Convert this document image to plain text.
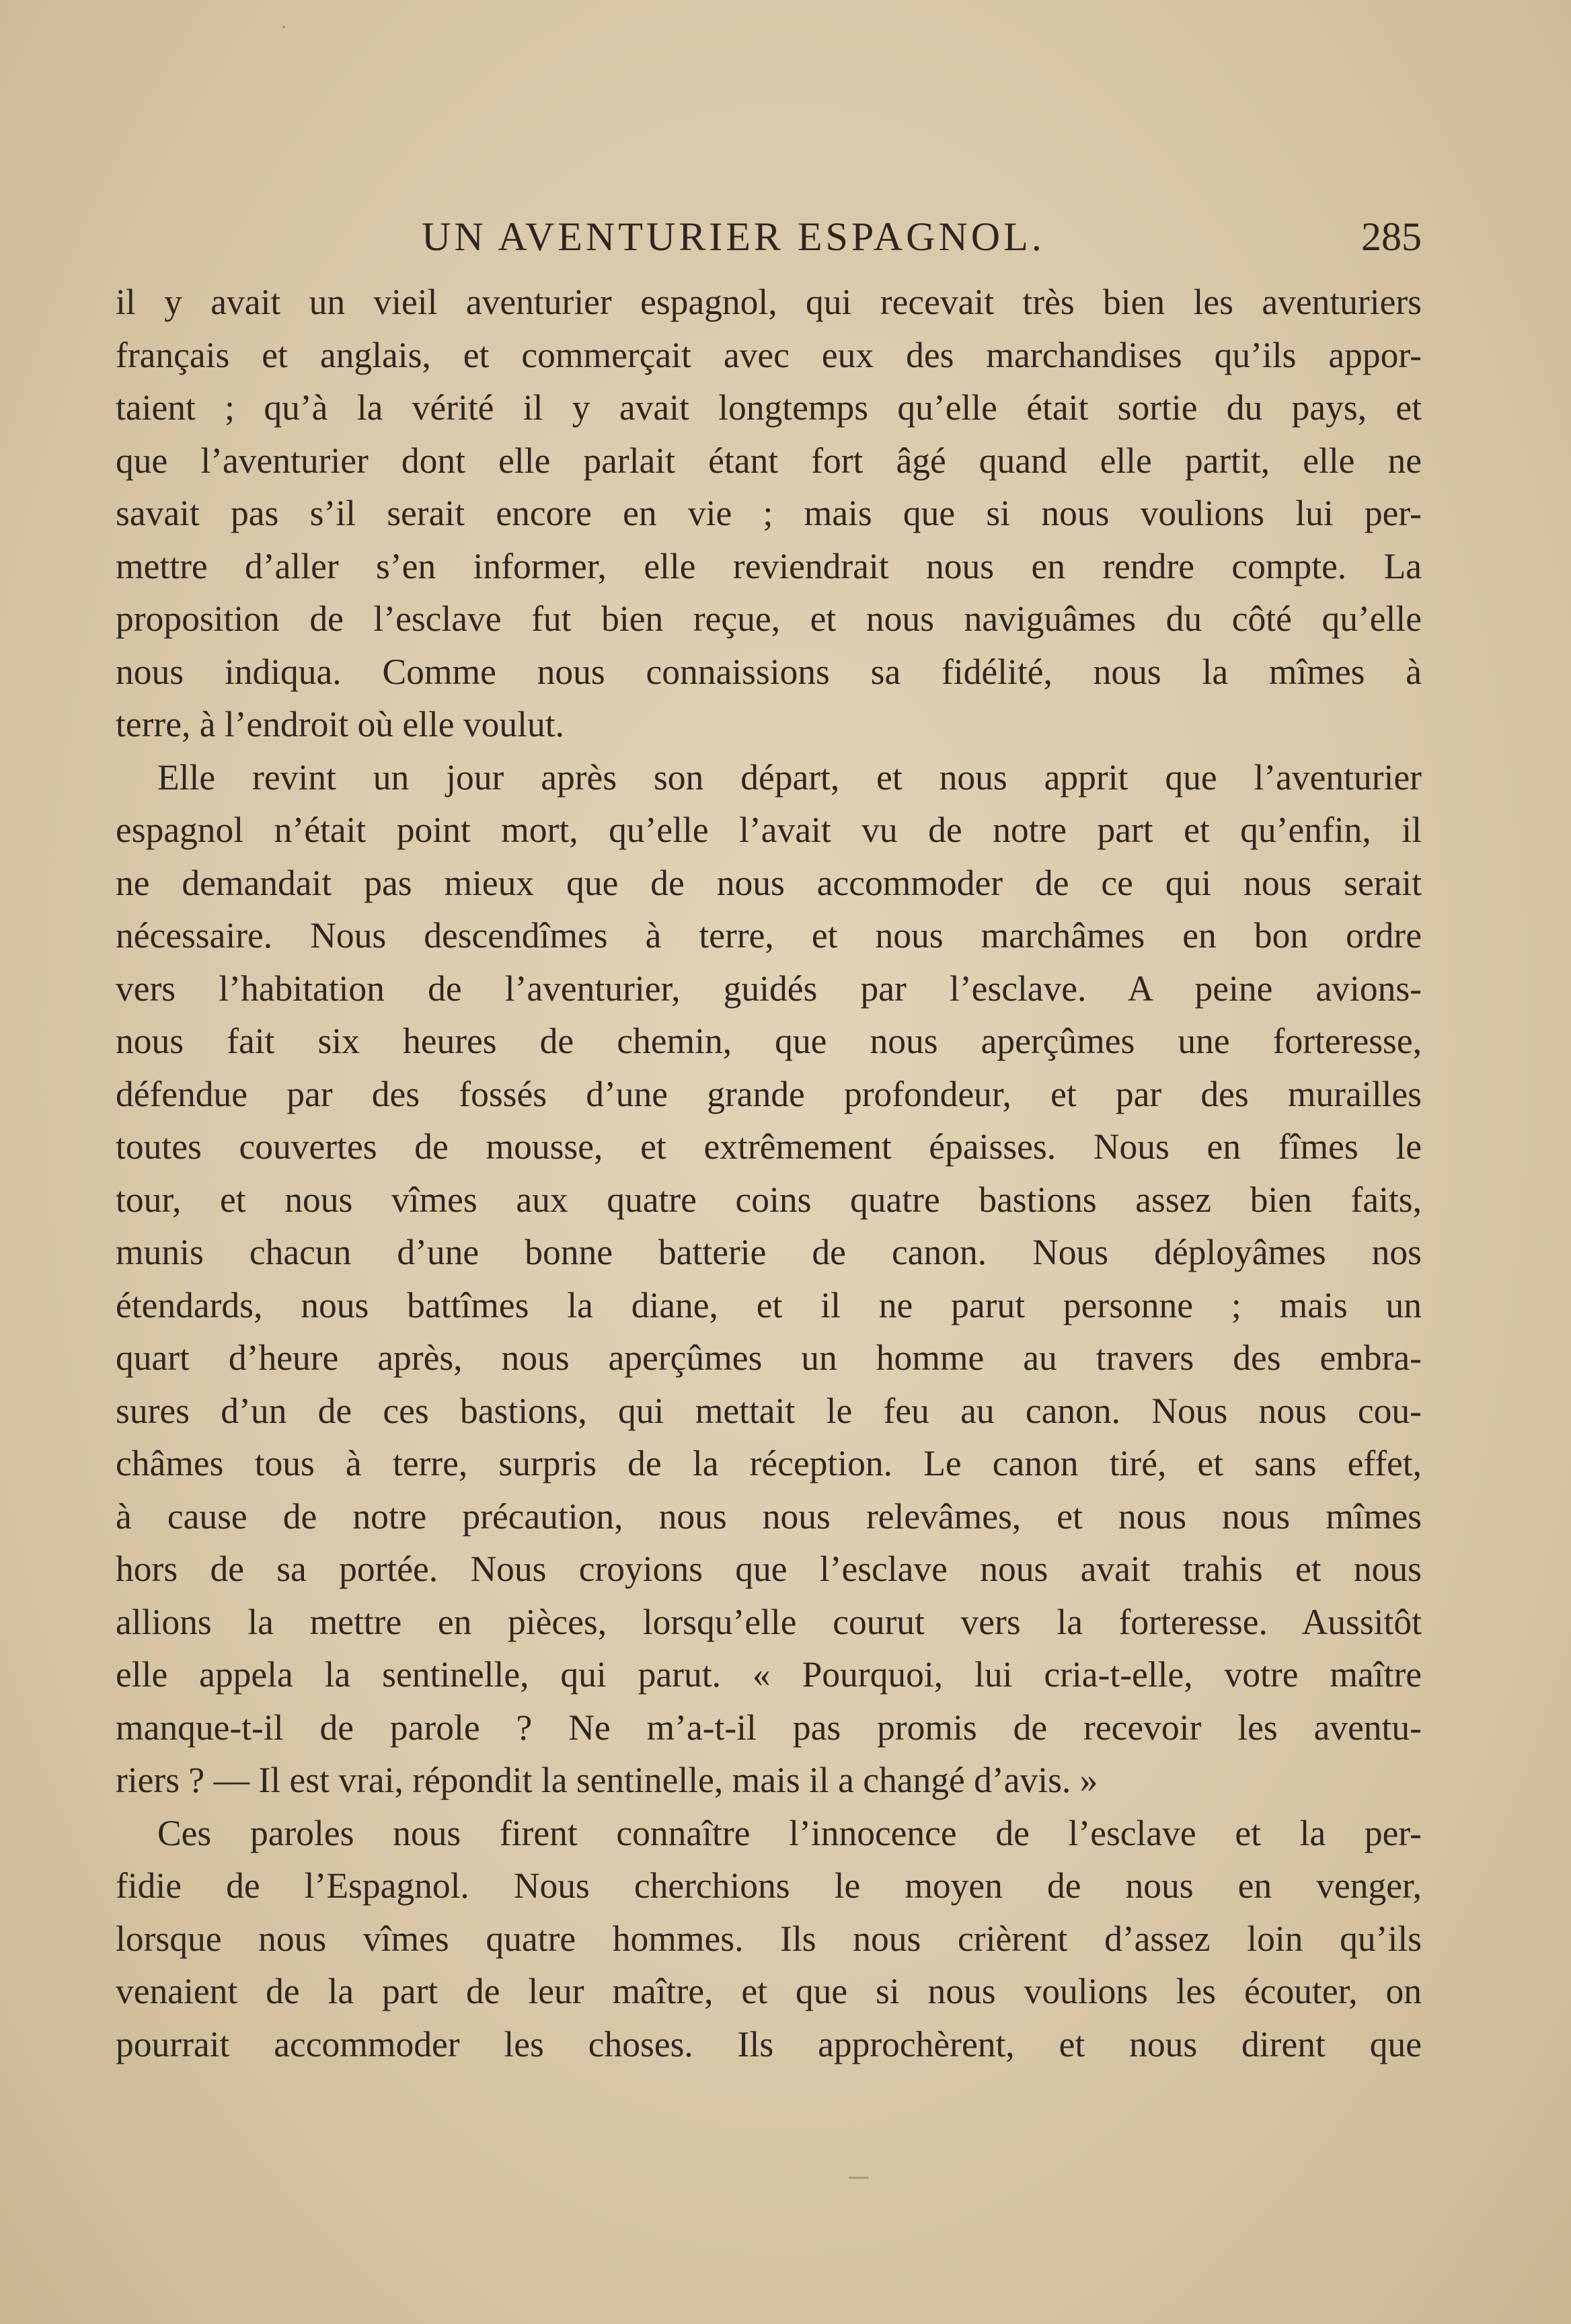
UN AVENTURIER ESPAGNOL.	285
il y avait un vieil aventurier espagnol, qui recevait très bien les aventuriers
français et anglais, et commerçait avec eux des marchandises qu’ils appor-
taient ; qu’à la vérité il y avait longtemps qu’elle était sortie du pays, et
que l’aventurier dont elle parlait étant fort âgé quand elle partit, elle ne
savait pas s’il serait encore en vie ; mais que si nous voulions lui per-
mettre d’aller s’en informer, elle reviendrait nous en rendre compte. La
proposition de l’esclave fut bien reçue, et nous naviguâmes du côté qu’elle
nous indiqua. Comme nous connaissions sa fidélité, nous la mîmes à
terre, à l’endroit où elle voulut.
Elle revint un jour après son départ, et nous apprit que l’aventurier
espagnol n’était point mort, qu’elle l’avait vu de notre part et qu’enfin, il
ne demandait pas mieux que de nous accommoder de ce qui nous serait
nécessaire. Nous descendîmes à terre, et nous marchâmes en bon ordre
vers l’habitation de l’aventurier, guidés par l’esclave. A peine avions-
nous fait six heures de chemin, que nous aperçûmes une forteresse,
défendue par des fossés d’une grande profondeur, et par des murailles
toutes couvertes de mousse, et extrêmement épaisses. Nous en fîmes le
tour, et nous vîmes aux quatre coins quatre bastions assez bien faits,
munis chacun d’une bonne batterie de canon. Nous déployâmes nos
étendards, nous battîmes la diane, et il ne parut personne ; mais un
quart d’heure après, nous aperçûmes un homme au travers des embra-
sures d’un de ces bastions, qui mettait le feu au canon. Nous nous cou-
châmes tous à terre, surpris de la réception. Le canon tiré, et sans effet,
à cause de notre précaution, nous nous relevâmes, et nous nous mîmes
hors de sa portée. Nous croyions que l’esclave nous avait trahis et nous
allions la mettre en pièces, lorsqu’elle courut vers la forteresse. Aussitôt
elle appela la sentinelle, qui parut. « Pourquoi, lui cria-t-elle, votre maître
manque-t-il de parole ? Ne m’a-t-il pas promis de recevoir les aventu-
riers ? — Il est vrai, répondit la sentinelle, mais il a changé d’avis. »
Ces paroles nous firent connaître l’innocence de l’esclave et la per-
fidie de l’Espagnol. Nous cherchions le moyen de nous en venger,
lorsque nous vîmes quatre hommes. Ils nous crièrent d’assez loin qu’ils
venaient de la part de leur maître, et que si nous voulions les écouter, on
pourrait accommoder les choses. Ils approchèrent, et nous dirent que
